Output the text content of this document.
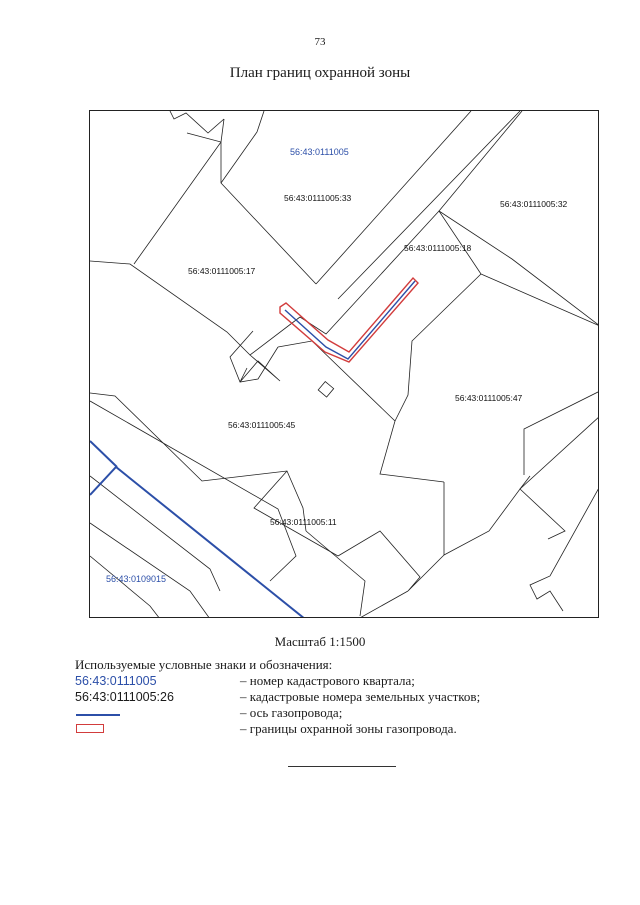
73
План границ охранной зоны
56:43:0111005
56:43:0109015
56:43:0111005:33
56:43:0111005:32
56:43:0111005:18
56:43:0111005:17
56:43:0111005:47
56:43:0111005:45
56:43:0111005:11
Масштаб 1:1500
Используемые условные знаки и обозначения:
56:43:0111005	– номер кадастрового квартала;
56:43:0111005:26	– кадастровые номера земельных участков;
– ось газопровода;
– границы охранной зоны газопровода.
